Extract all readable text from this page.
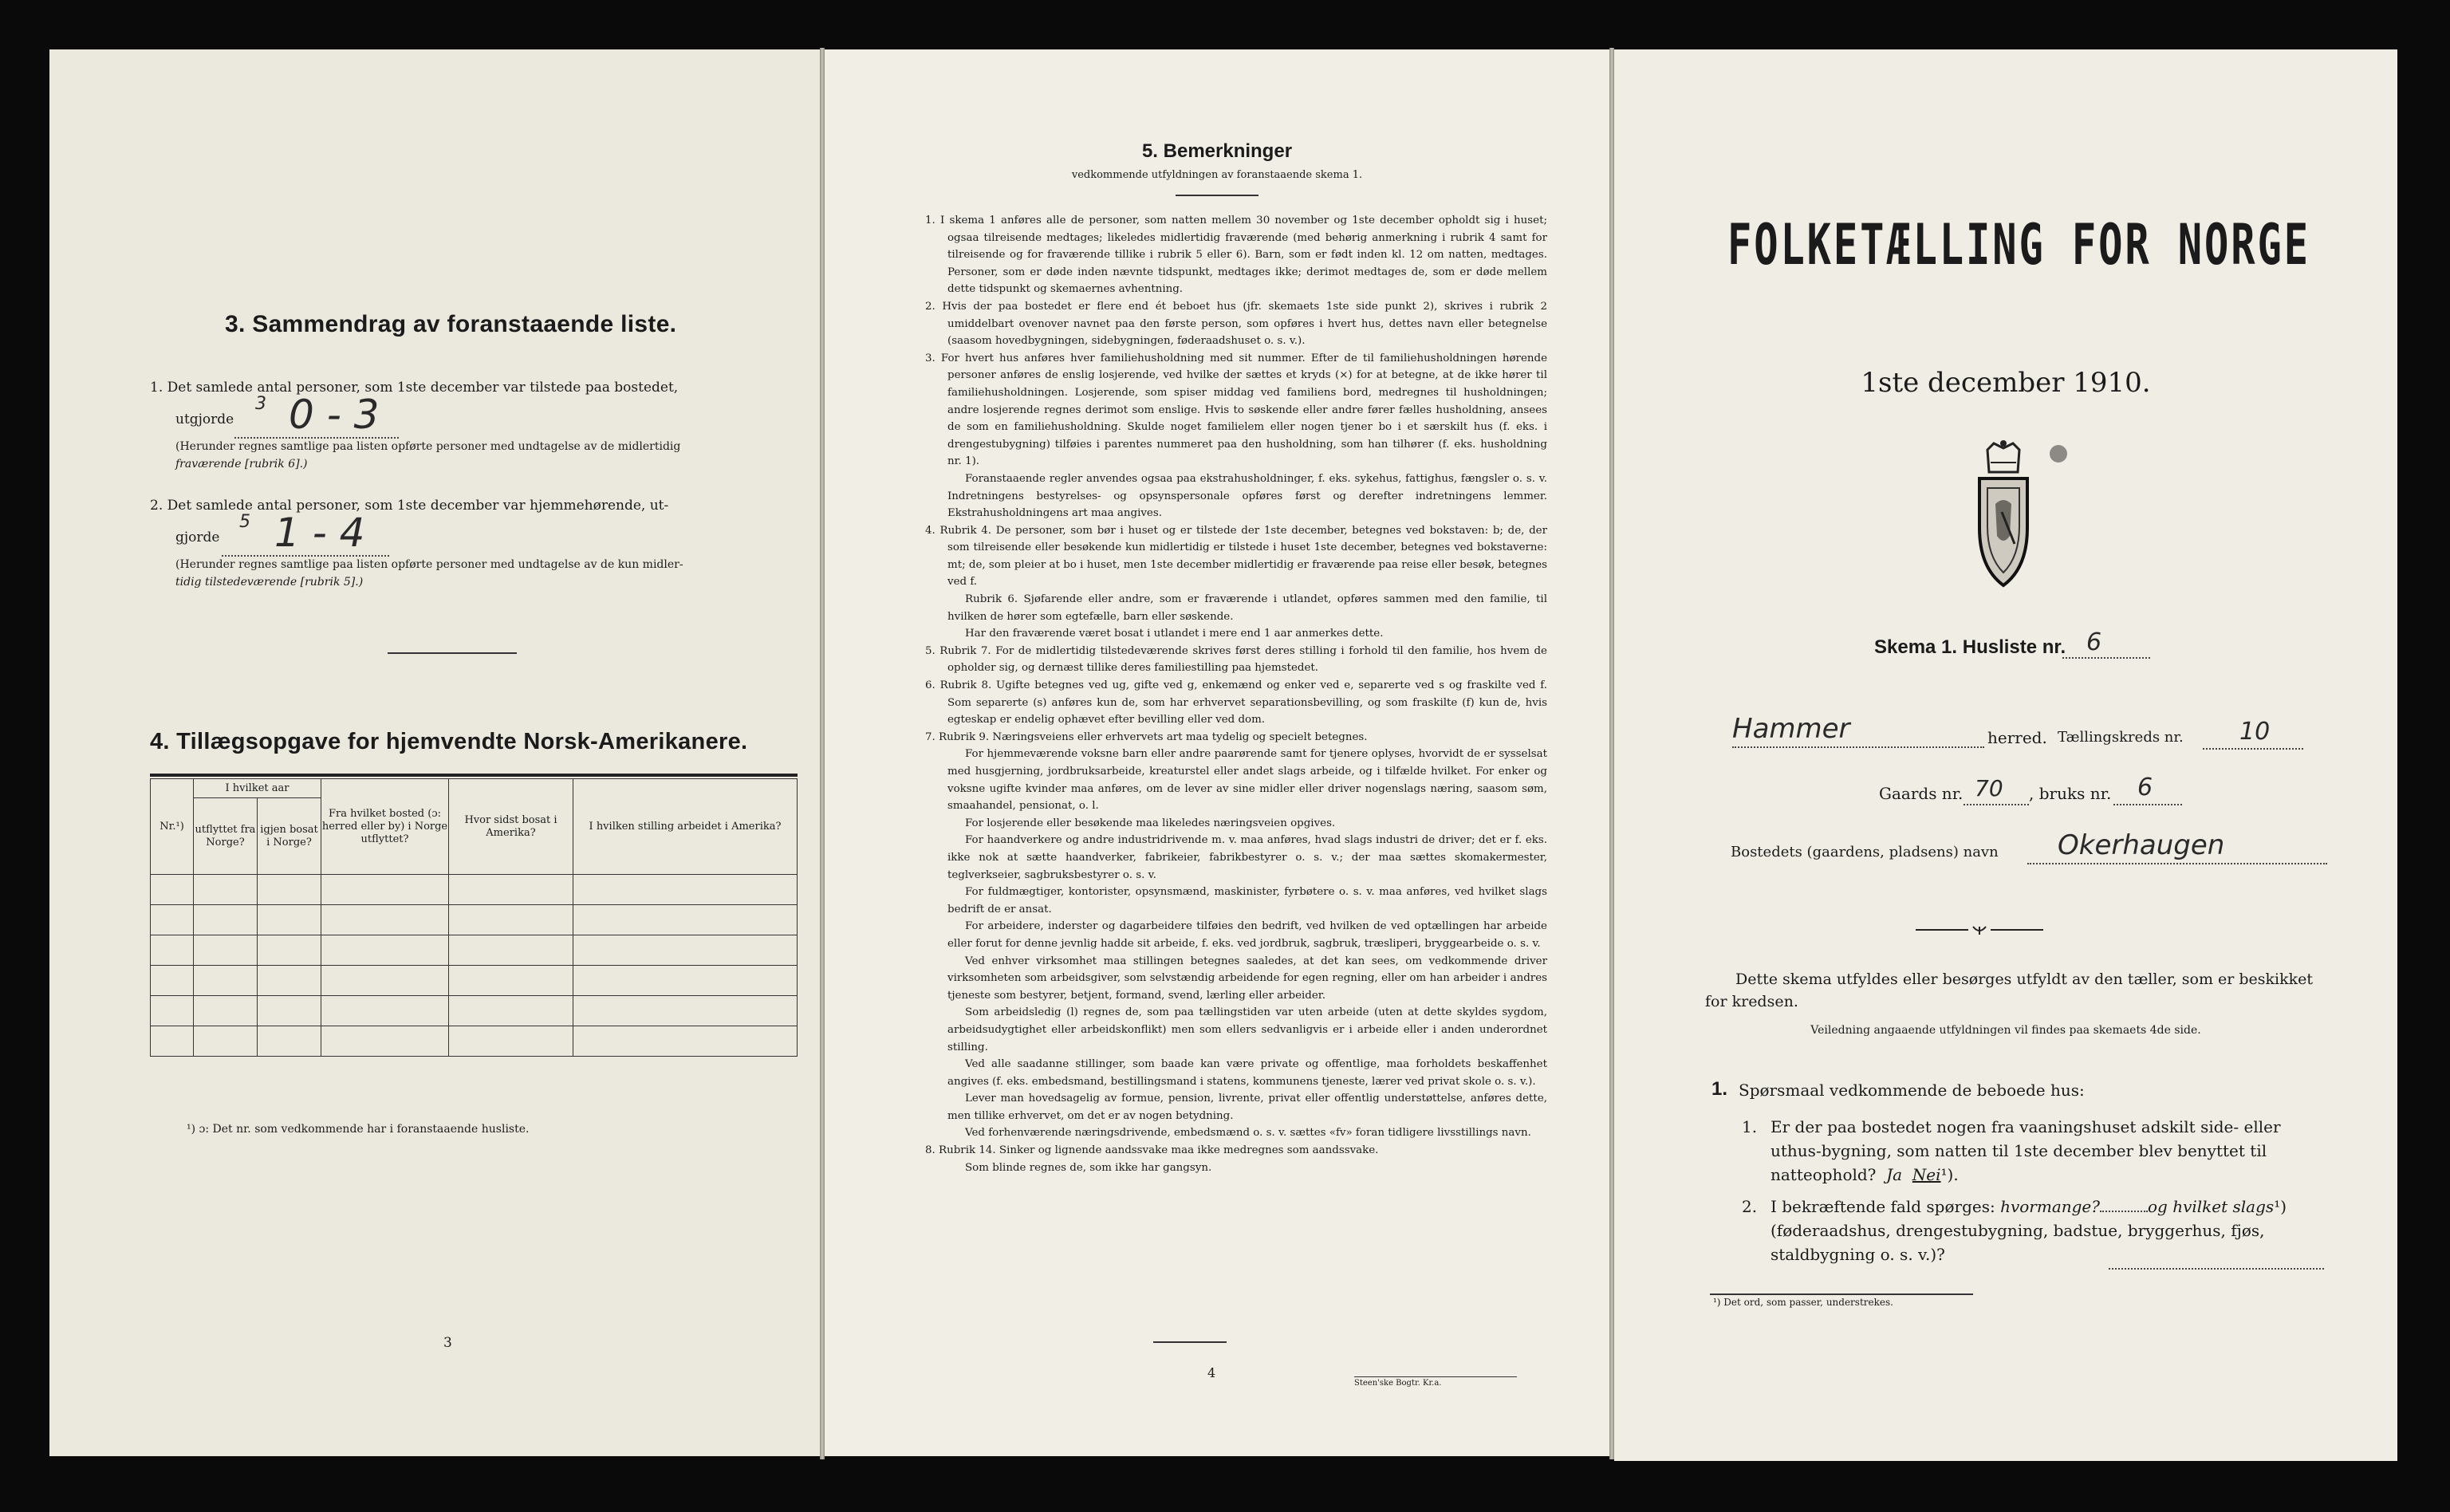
3. Sammendrag av foranstaaende liste.
1. Det samlede antal personer, som 1ste december var tilstede paa bostedet,
utgjorde
3 0 - 3
(Herunder regnes samtlige paa listen opførte personer med undtagelse av de midlertidig
fraværende [rubrik 6].)
2. Det samlede antal personer, som 1ste december var hjemmehørende, ut-
gjorde
5 1 - 4
(Herunder regnes samtlige paa listen opførte personer med undtagelse av de kun midler-
tidig tilstedeværende [rubrik 5].)
4. Tillægsopgave for hjemvendte Norsk-Amerikanere.
Nr.¹)	I hvilket aar		Fra hvilket bosted (ɔ: herred eller by) i Norge utflyttet?	Hvor sidst bosat i Amerika?	I hvilken stilling arbeidet i Amerika?
	utflyttet fra Norge?	igjen bosat i Norge?			

¹) ɔ: Det nr. som vedkommende har i foranstaaende husliste.
3
5. Bemerkninger
vedkommende utfyldningen av foranstaaende skema 1.

1. I skema 1 anføres alle de personer, som natten mellem 30 november og 1ste december opholdt sig i huset; ogsaa tilreisende medtages; likeledes midlertidig fraværende (med behørig anmerkning i rubrik 4 samt for tilreisende og for fraværende tillike i rubrik 5 eller 6). Barn, som er født inden kl. 12 om natten, medtages. Personer, som er døde inden nævnte tidspunkt, medtages ikke; derimot medtages de, som er døde mellem dette tidspunkt og skemaernes avhentning.

2. Hvis der paa bostedet er flere end ét beboet hus (jfr. skemaets 1ste side punkt 2), skrives i rubrik 2 umiddelbart ovenover navnet paa den første person, som opføres i hvert hus, dettes navn eller betegnelse (saasom hovedbygningen, sidebygningen, føderaadshuset o. s. v.).

3. For hvert hus anføres hver familiehusholdning med sit nummer. Efter de til familiehusholdningen hørende personer anføres de enslig losjerende, ved hvilke der sættes et kryds (×) for at betegne, at de ikke hører til familiehusholdningen. Losjerende, som spiser middag ved familiens bord, medregnes til husholdningen; andre losjerende regnes derimot som enslige. Hvis to søskende eller andre fører fælles husholdning, ansees de som en familiehusholdning. Skulde noget familielem eller nogen tjener bo i et særskilt hus (f. eks. i drengestubygning) tilføies i parentes nummeret paa den husholdning, som han tilhører (f. eks. husholdning nr. 1).

Foranstaaende regler anvendes ogsaa paa ekstrahusholdninger, f. eks. sykehus, fattighus, fængsler o. s. v. Indretningens bestyrelses- og opsynspersonale opføres først og derefter indretningens lemmer. Ekstrahusholdningens art maa angives.

4. Rubrik 4. De personer, som bør i huset og er tilstede der 1ste december, betegnes ved bokstaven: b; de, der som tilreisende eller besøkende kun midlertidig er tilstede i huset 1ste december, betegnes ved bokstaverne: mt; de, som pleier at bo i huset, men 1ste december midlertidig er fraværende paa reise eller besøk, betegnes ved f.

Rubrik 6. Sjøfarende eller andre, som er fraværende i utlandet, opføres sammen med den familie, til hvilken de hører som egtefælle, barn eller søskende.

Har den fraværende været bosat i utlandet i mere end 1 aar anmerkes dette.

5. Rubrik 7. For de midlertidig tilstedeværende skrives først deres stilling i forhold til den familie, hos hvem de opholder sig, og dernæst tillike deres familiestilling paa hjemstedet.

6. Rubrik 8. Ugifte betegnes ved ug, gifte ved g, enkemænd og enker ved e, separerte ved s og fraskilte ved f. Som separerte (s) anføres kun de, som har erhvervet separationsbevilling, og som fraskilte (f) kun de, hvis egteskap er endelig ophævet efter bevilling eller ved dom.

7. Rubrik 9. Næringsveiens eller erhvervets art maa tydelig og specielt betegnes.

For hjemmeværende voksne barn eller andre paarørende samt for tjenere oplyses, hvorvidt de er sysselsat med husgjerning, jordbruksarbeide, kreaturstel eller andet slags arbeide, og i tilfælde hvilket. For enker og voksne ugifte kvinder maa anføres, om de lever av sine midler eller driver nogenslags næring, saasom søm, smaahandel, pensionat, o. l.

For losjerende eller besøkende maa likeledes næringsveien opgives.

For haandverkere og andre industridrivende m. v. maa anføres, hvad slags industri de driver; det er f. eks. ikke nok at sætte haandverker, fabrikeier, fabrikbestyrer o. s. v.; der maa sættes skomakermester, teglverkseier, sagbruksbestyrer o. s. v.

For fuldmægtiger, kontorister, opsynsmænd, maskinister, fyrbøtere o. s. v. maa anføres, ved hvilket slags bedrift de er ansat.

For arbeidere, inderster og dagarbeidere tilføies den bedrift, ved hvilken de ved optællingen har arbeide eller forut for denne jevnlig hadde sit arbeide, f. eks. ved jordbruk, sagbruk, træsliperi, bryggearbeide o. s. v.

Ved enhver virksomhet maa stillingen betegnes saaledes, at det kan sees, om vedkommende driver virksomheten som arbeidsgiver, som selvstændig arbeidende for egen regning, eller om han arbeider i andres tjeneste som bestyrer, betjent, formand, svend, lærling eller arbeider.

Som arbeidsledig (l) regnes de, som paa tællingstiden var uten arbeide (uten at dette skyldes sygdom, arbeidsudygtighet eller arbeidskonflikt) men som ellers sedvanligvis er i arbeide eller i anden underordnet stilling.

Ved alle saadanne stillinger, som baade kan være private og offentlige, maa forholdets beskaffenhet angives (f. eks. embedsmand, bestillingsmand i statens, kommunens tjeneste, lærer ved privat skole o. s. v.).

Lever man hovedsagelig av formue, pension, livrente, privat eller offentlig understøttelse, anføres dette, men tillike erhvervet, om det er av nogen betydning.

Ved forhenværende næringsdrivende, embedsmænd o. s. v. sættes «fv» foran tidligere livsstillings navn.

8. Rubrik 14. Sinker og lignende aandssvake maa ikke medregnes som aandssvake.

Som blinde regnes de, som ikke har gangsyn.

4
Steen'ske Bogtr. Kr.a.
FOLKETÆLLING FOR NORGE
1ste december 1910.
Skema 1. Husliste nr. 6
Hammer	herred. Tællingskreds nr.	10
Gaards nr. 70	, bruks nr.	6
Bostedets (gaardens, pladsens) navn	Okerhaugen
Dette skema utfyldes eller besørges utfyldt av den tæller, som er beskikket for kredsen.
Veiledning angaaende utfyldningen vil findes paa skemaets 4de side.
1. Spørsmaal vedkommende de beboede hus:
1. Er der paa bostedet nogen fra vaaningshuset adskilt side- eller uthus-bygning, som natten til 1ste december blev benyttet til natteophold? Ja Nei¹).
2. I bekræftende fald spørges: hvormange?	og hvilket slags¹) (føderaadshus, drengestubygning, badstue, bryggerhus, fjøs, staldbygning o. s. v.)?
¹) Det ord, som passer, understrekes.
